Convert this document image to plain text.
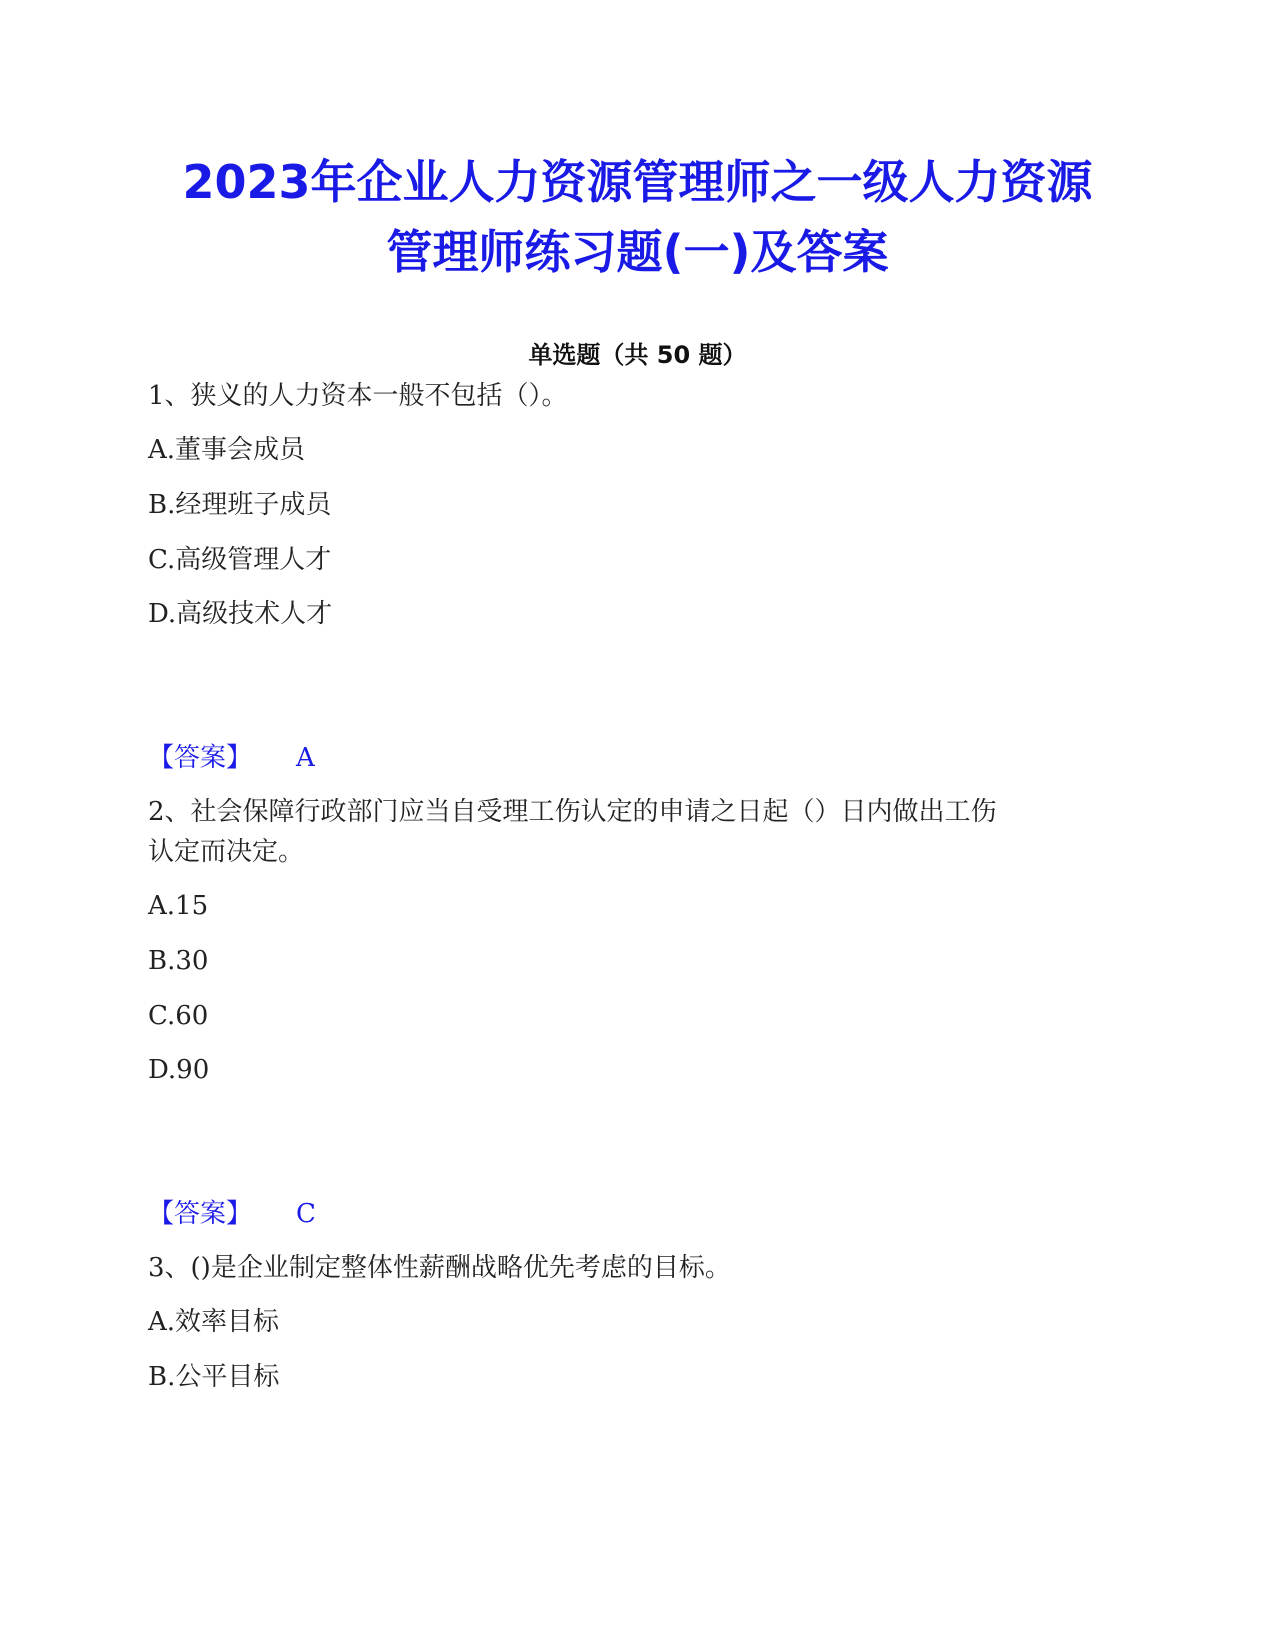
2023年企业人力资源管理师之一级人力资源
管理师练习题(一)及答案
单选题（共 50 题）
1、狭义的人力资本一般不包括（）。
A.董事会成员
B.经理班子成员
C.高级管理人才
D.高级技术人才
【答案】 A
2、社会保障行政部门应当自受理工伤认定的申请之日起（）日内做出工伤
认定而决定。
A.15
B.30
C.60
D.90
【答案】 C
3、()是企业制定整体性薪酬战略优先考虑的目标。
A.效率目标
B.公平目标
